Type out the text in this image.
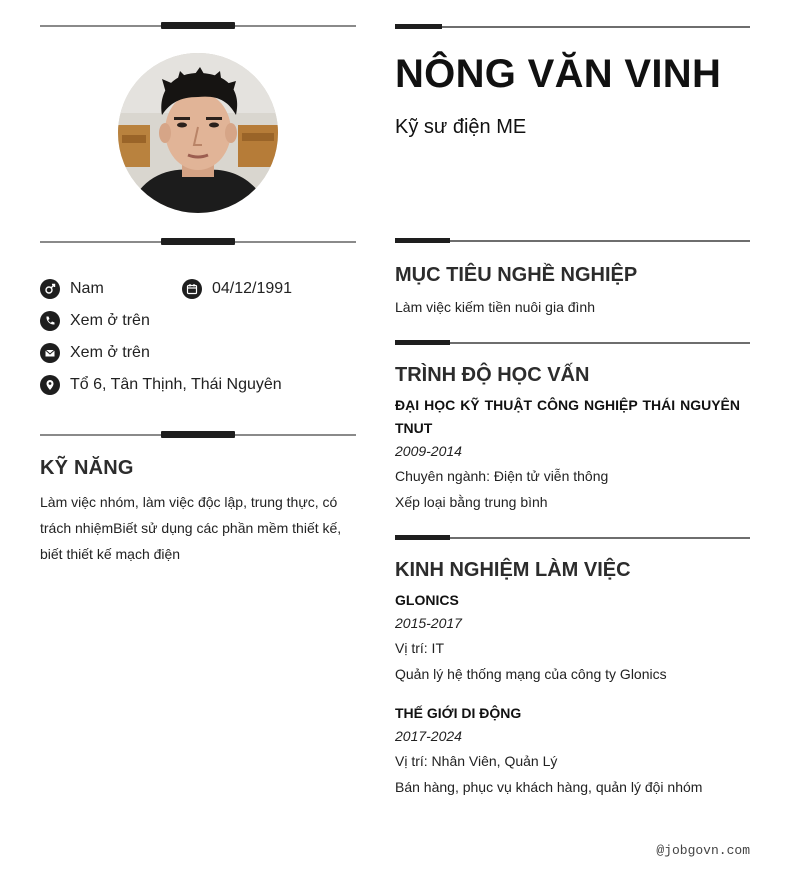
Nam	04/12/1991
Xem ở trên
Xem ở trên
Tổ 6, Tân Thịnh, Thái Nguyên
KỸ NĂNG
Làm việc nhóm, làm việc độc lập, trung thực, có trách nhiệmBiết sử dụng các phần mềm thiết kế, biết thiết kế mạch điện
NÔNG VĂN VINH
Kỹ sư điện ME
MỤC TIÊU NGHỀ NGHIỆP
Làm việc kiếm tiền nuôi gia đình
TRÌNH ĐỘ HỌC VẤN
ĐẠI HỌC KỸ THUẬT CÔNG NGHIỆP THÁI NGUYÊN TNUT
2009-2014
Chuyên ngành: Điện tử viễn thông
Xếp loại bằng trung bình
KINH NGHIỆM LÀM VIỆC
GLONICS
2015-2017
Vị trí: IT
Quản lý hệ thống mạng của công ty Glonics
THẾ GIỚI DI ĐỘNG
2017-2024
Vị trí: Nhân Viên, Quản Lý
Bán hàng, phục vụ khách hàng, quản lý đội nhóm
@jobgovn.com
